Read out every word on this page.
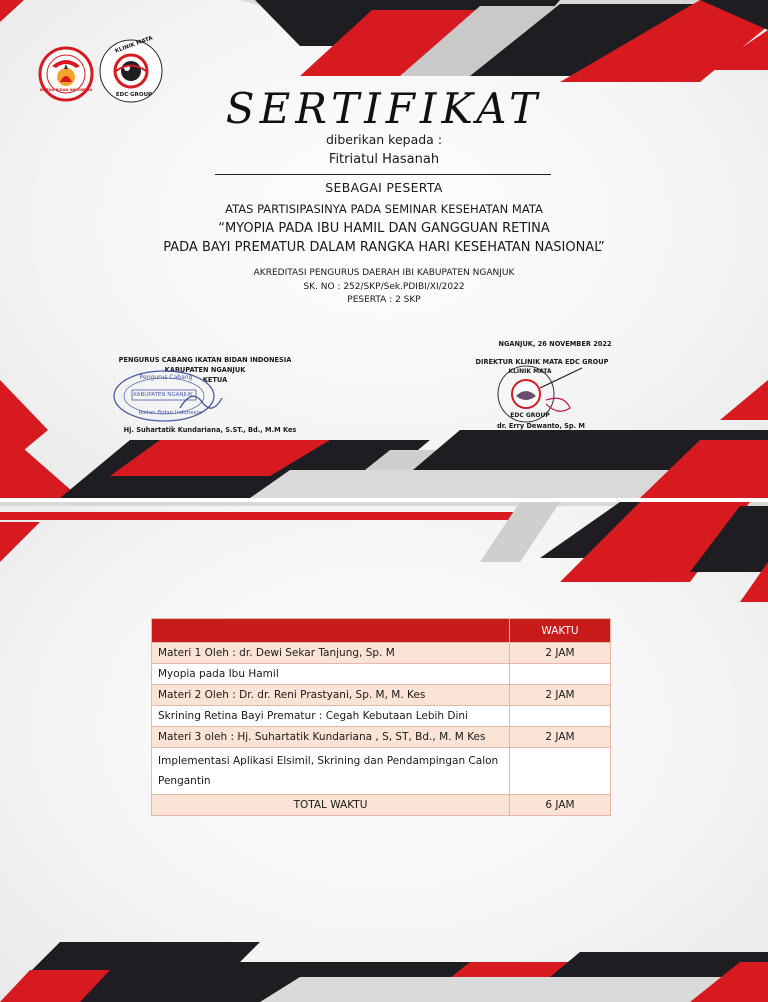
KLINIK MATA
EDC GROUP
IKATAN BIDAN INDONESIA	SERTIFIKAT
diberikan kepada :
Fitriatul Hasanah
SEBAGAI PESERTA
ATAS PARTISIPASINYA PADA SEMINAR KESEHATAN MATA
“MYOPIA PADA IBU HAMIL DAN GANGGUAN RETINA
PADA BAYI PREMATUR DALAM RANGKA HARI KESEHATAN NASIONAL”
AKREDITASI PENGURUS DAERAH IBI KABUPATEN NGANJUK
SK. NO : 252/SKP/Sek.PDIBI/XI/2022
PESERTA : 2 SKP
PENGURUS CABANG IKATAN BIDAN INDONESIA
KABUPATEN NGANJUK
KETUA
Pengurus Cabang
KABUPATEN NGANJUK
Ikatan Bidan Indonesia
Hj. Suhartatik Kundariana, S.ST., Bd., M.M Kes
NGANJUK, 26 NOVEMBER 2022
DIREKTUR KLINIK MATA EDC GROUP
KLINIK MATA
EDC GROUP
dr. Erry Dewanto, Sp. M
	WAKTU
Materi 1 Oleh : dr. Dewi Sekar Tanjung, Sp. M	2 JAM
Myopia pada Ibu Hamil	
Materi 2 Oleh : Dr. dr. Reni Prastyani, Sp. M, M. Kes	2 JAM
Skrining Retina Bayi Prematur : Cegah Kebutaan Lebih Dini	
Materi 3 oleh : Hj. Suhartatik Kundariana , S, ST, Bd., M. M Kes	2 JAM
Implementasi Aplikasi Elsimil, Skrining dan Pendampingan Calon Pengantin	
TOTAL WAKTU	6 JAM
